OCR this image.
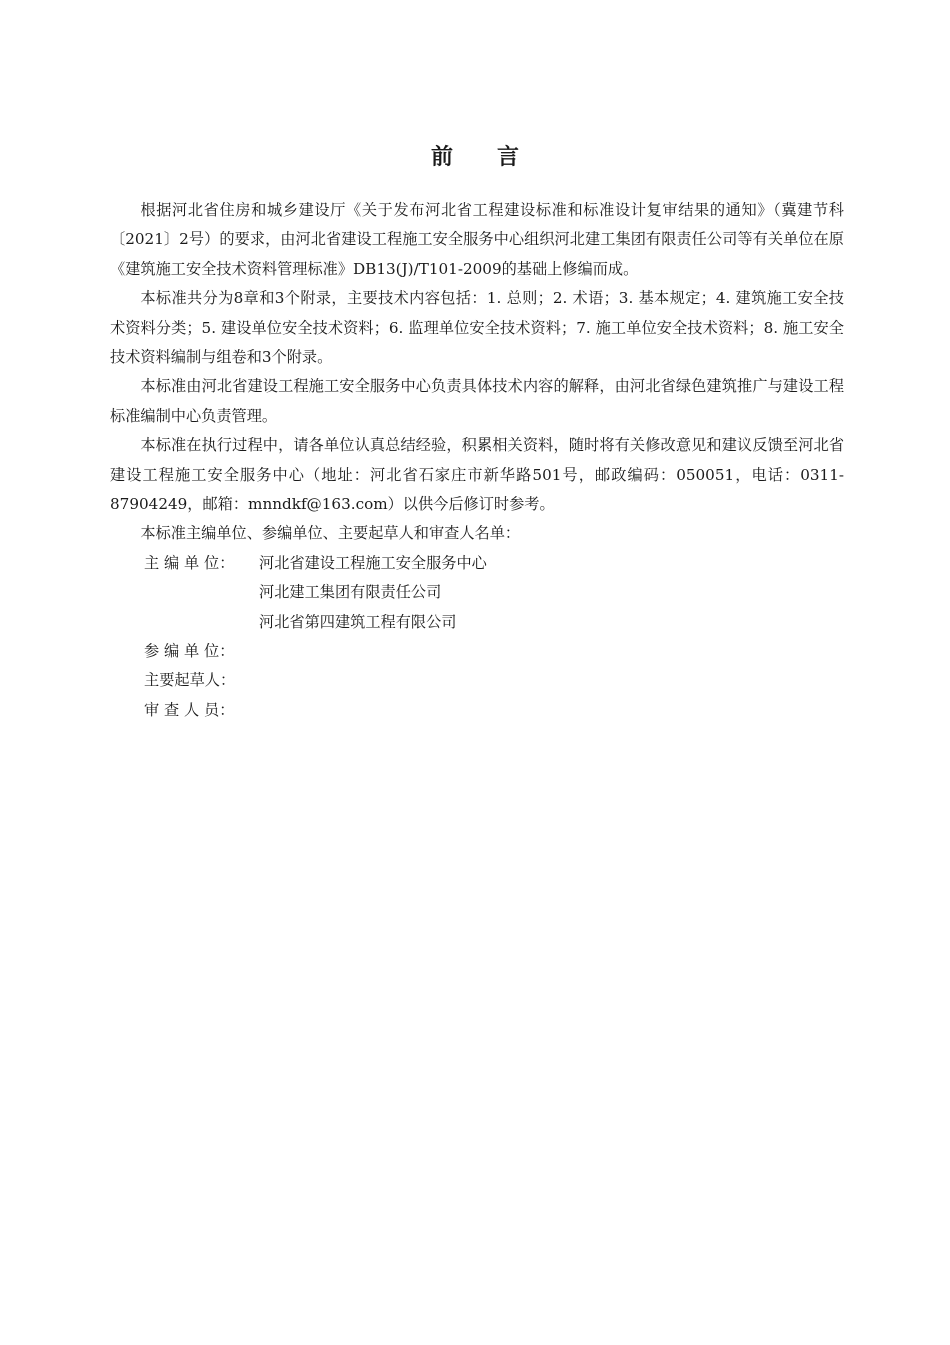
前 言

根据河北省住房和城乡建设厅《关于发布河北省工程建设标准和标准设计复审结果的通知》（冀建节科〔2021〕2号）的要求，由河北省建设工程施工安全服务中心组织河北建工集团有限责任公司等有关单位在原《建筑施工安全技术资料管理标准》DB13(J)/T101-2009的基础上修编而成。

本标准共分为8章和3个附录，主要技术内容包括：1. 总则；2. 术语；3. 基本规定；4. 建筑施工安全技术资料分类；5. 建设单位安全技术资料；6. 监理单位安全技术资料；7. 施工单位安全技术资料；8. 施工安全技术资料编制与组卷和3个附录。

本标准由河北省建设工程施工安全服务中心负责具体技术内容的解释，由河北省绿色建筑推广与建设工程标准编制中心负责管理。

本标准在执行过程中，请各单位认真总结经验，积累相关资料，随时将有关修改意见和建议反馈至河北省建设工程施工安全服务中心（地址：河北省石家庄市新华路501号，邮政编码：050051，电话：0311-87904249，邮箱：mnndkf@163.com）以供今后修订时参考。

本标准主编单位、参编单位、主要起草人和审查人名单：

主 编 单 位： 河北省建设工程施工安全服务中心
河北建工集团有限责任公司
河北省第四建筑工程有限公司
参 编 单 位：
主要起草人：
审 查 人 员：
